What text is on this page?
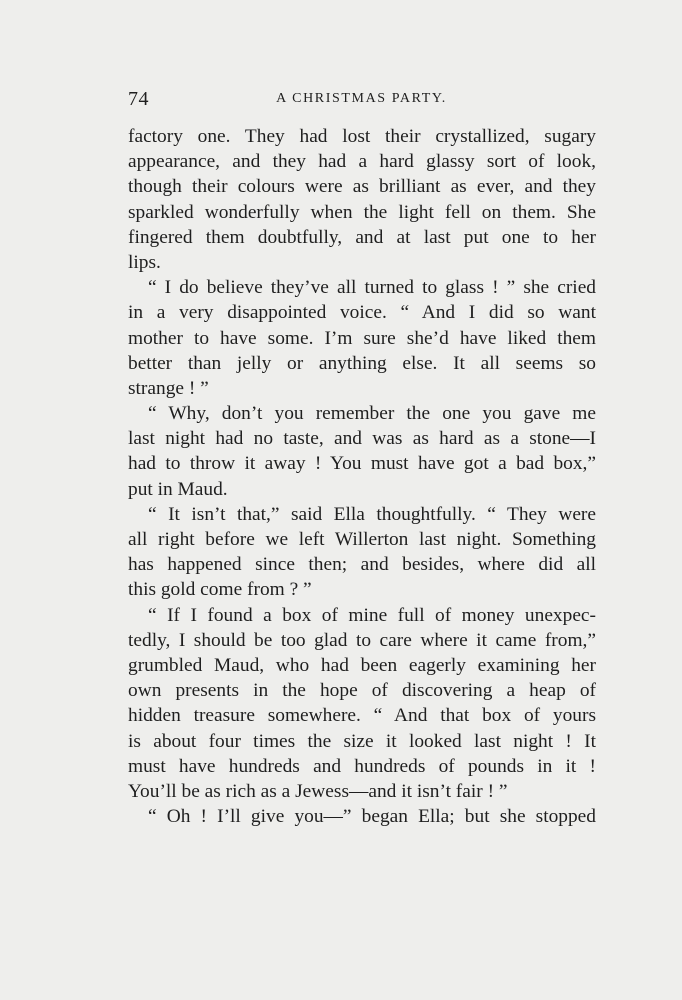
74	A CHRISTMAS PARTY.
factory one. They had lost their crystallized, sugary
appearance, and they had a hard glassy sort of look,
though their colours were as brilliant as ever, and they
sparkled wonderfully when the light fell on them. She
fingered them doubtfully, and at last put one to her
lips.
“ I do believe they’ve all turned to glass ! ” she cried
in a very disappointed voice. “ And I did so want
mother to have some. I’m sure she’d have liked them
better than jelly or anything else. It all seems so
strange ! ”
“ Why, don’t you remember the one you gave me
last night had no taste, and was as hard as a stone—I
had to throw it away ! You must have got a bad box,”
put in Maud.
“ It isn’t that,” said Ella thoughtfully. “ They were
all right before we left Willerton last night. Something
has happened since then; and besides, where did all
this gold come from ? ”
“ If I found a box of mine full of money unexpec-
tedly, I should be too glad to care where it came from,”
grumbled Maud, who had been eagerly examining her
own presents in the hope of discovering a heap of
hidden treasure somewhere. “ And that box of yours
is about four times the size it looked last night ! It
must have hundreds and hundreds of pounds in it !
You’ll be as rich as a Jewess—and it isn’t fair ! ”
“ Oh ! I’ll give you—” began Ella; but she stopped
